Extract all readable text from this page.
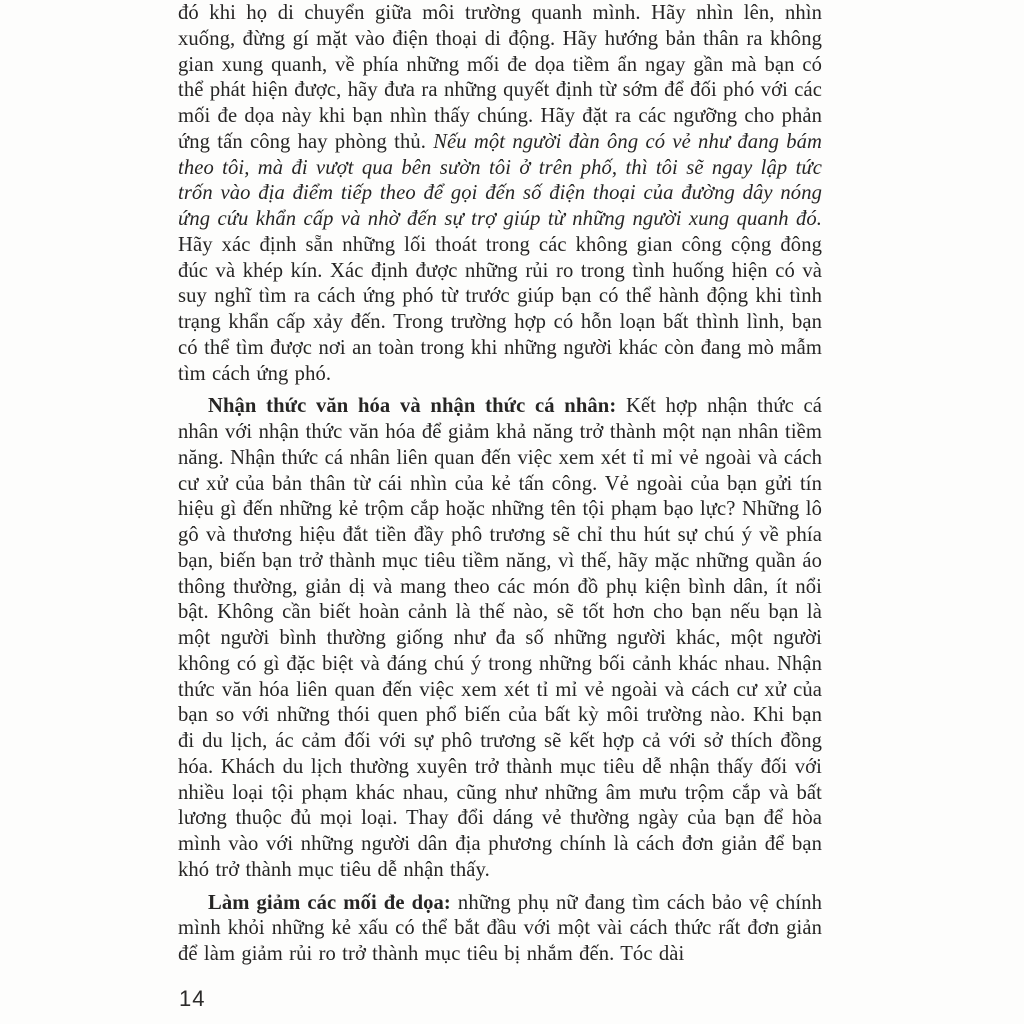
đó khi họ di chuyển giữa môi trường quanh mình. Hãy nhìn lên, nhìn xuống, đừng gí mặt vào điện thoại di động. Hãy hướng bản thân ra không gian xung quanh, về phía những mối đe dọa tiềm ẩn ngay gần mà bạn có thể phát hiện được, hãy đưa ra những quyết định từ sớm để đối phó với các mối đe dọa này khi bạn nhìn thấy chúng. Hãy đặt ra các ngưỡng cho phản ứng tấn công hay phòng thủ. Nếu một người đàn ông có vẻ như đang bám theo tôi, mà đi vượt qua bên sườn tôi ở trên phố, thì tôi sẽ ngay lập tức trốn vào địa điểm tiếp theo để gọi đến số điện thoại của đường dây nóng ứng cứu khẩn cấp và nhờ đến sự trợ giúp từ những người xung quanh đó. Hãy xác định sẵn những lối thoát trong các không gian công cộng đông đúc và khép kín. Xác định được những rủi ro trong tình huống hiện có và suy nghĩ tìm ra cách ứng phó từ trước giúp bạn có thể hành động khi tình trạng khẩn cấp xảy đến. Trong trường hợp có hỗn loạn bất thình lình, bạn có thể tìm được nơi an toàn trong khi những người khác còn đang mò mẫm tìm cách ứng phó.

Nhận thức văn hóa và nhận thức cá nhân: Kết hợp nhận thức cá nhân với nhận thức văn hóa để giảm khả năng trở thành một nạn nhân tiềm năng. Nhận thức cá nhân liên quan đến việc xem xét tỉ mỉ vẻ ngoài và cách cư xử của bản thân từ cái nhìn của kẻ tấn công. Vẻ ngoài của bạn gửi tín hiệu gì đến những kẻ trộm cắp hoặc những tên tội phạm bạo lực? Những lô gô và thương hiệu đắt tiền đầy phô trương sẽ chỉ thu hút sự chú ý về phía bạn, biến bạn trở thành mục tiêu tiềm năng, vì thế, hãy mặc những quần áo thông thường, giản dị và mang theo các món đồ phụ kiện bình dân, ít nổi bật. Không cần biết hoàn cảnh là thế nào, sẽ tốt hơn cho bạn nếu bạn là một người bình thường giống như đa số những người khác, một người không có gì đặc biệt và đáng chú ý trong những bối cảnh khác nhau. Nhận thức văn hóa liên quan đến việc xem xét tỉ mỉ vẻ ngoài và cách cư xử của bạn so với những thói quen phổ biến của bất kỳ môi trường nào. Khi bạn đi du lịch, ác cảm đối với sự phô trương sẽ kết hợp cả với sở thích đồng hóa. Khách du lịch thường xuyên trở thành mục tiêu dễ nhận thấy đối với nhiều loại tội phạm khác nhau, cũng như những âm mưu trộm cắp và bất lương thuộc đủ mọi loại. Thay đổi dáng vẻ thường ngày của bạn để hòa mình vào với những người dân địa phương chính là cách đơn giản để bạn khó trở thành mục tiêu dễ nhận thấy.

Làm giảm các mối đe dọa: những phụ nữ đang tìm cách bảo vệ chính mình khỏi những kẻ xấu có thể bắt đầu với một vài cách thức rất đơn giản để làm giảm rủi ro trở thành mục tiêu bị nhắm đến. Tóc dài

14
